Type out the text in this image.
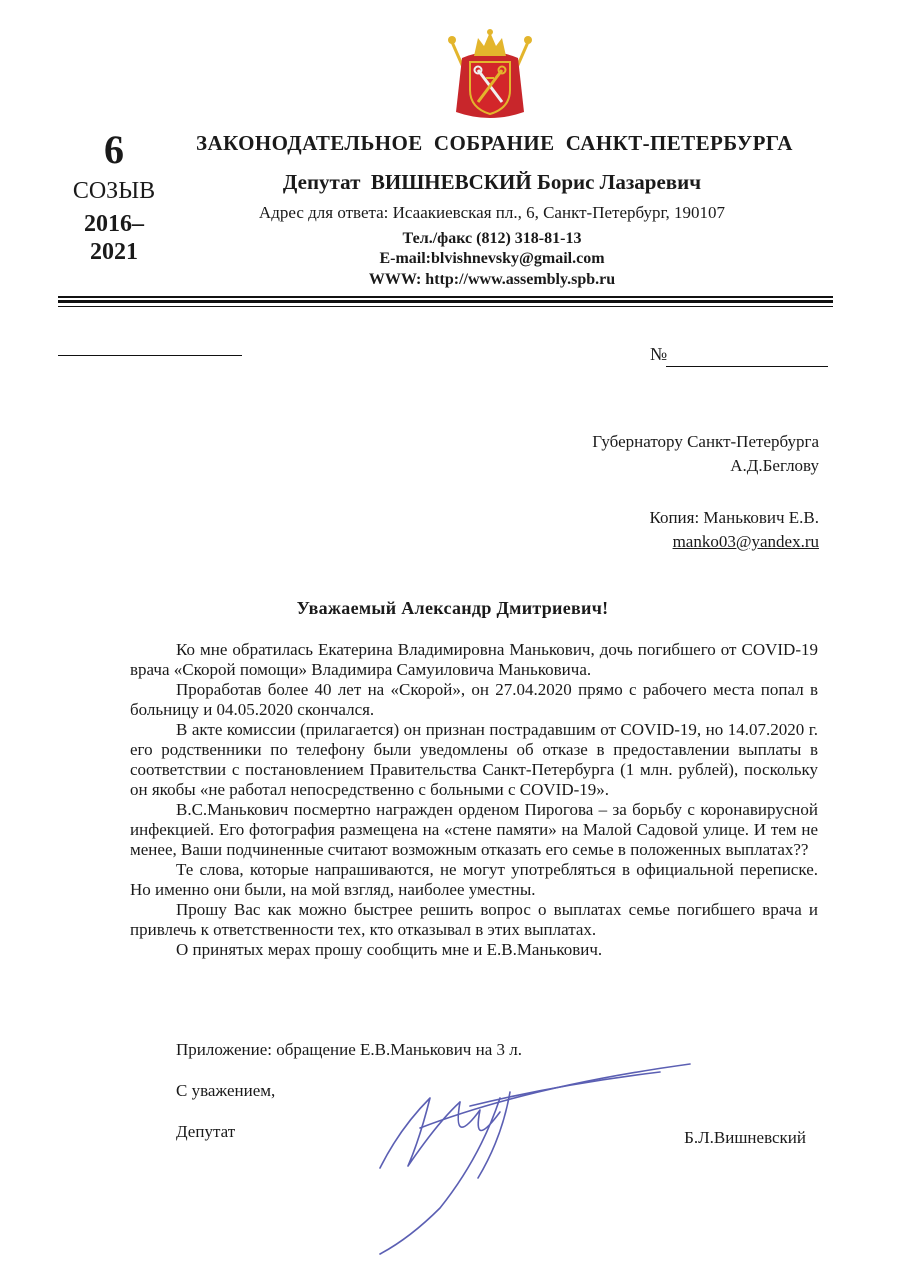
6
СОЗЫВ
2016–
2021
ЗАКОНОДАТЕЛЬНОЕ  СОБРАНИЕ  САНКТ-ПЕТЕРБУРГА
Депутат  ВИШНЕВСКИЙ Борис Лазаревич
Адрес для ответа: Исаакиевская пл., 6, Санкт-Петербург, 190107
Тел./факс (812) 318-81-13
E-mail:blvishnevsky@gmail.com
WWW: http://www.assembly.spb.ru
№
Губернатору Санкт-Петербурга
А.Д.Беглову
Копия: Манькович Е.В.
manko03@yandex.ru
Уважаемый Александр Дмитриевич!

Ко мне обратилась Екатерина Владимировна Манькович, дочь погибшего от COVID-19 врача «Скорой помощи» Владимира Самуиловича Маньковича.

Проработав более 40 лет на «Скорой», он 27.04.2020 прямо с рабочего места попал в больницу и 04.05.2020 скончался.

В акте комиссии (прилагается) он признан пострадавшим от COVID-19, но 14.07.2020 г. его родственники по телефону были уведомлены об отказе в предоставлении выплаты в соответствии с постановлением Правительства Санкт-Петербурга (1 млн. рублей), поскольку он якобы «не работал непосредственно с больными с COVID-19».

В.С.Манькович посмертно награжден орденом Пирогова – за борьбу с коронавирусной инфекцией. Его фотография размещена на «стене памяти» на Малой Садовой улице. И тем не менее, Ваши подчиненные считают возможным отказать его семье в положенных выплатах??

Те слова, которые напрашиваются, не могут употребляться в официальной переписке. Но именно они были, на мой взгляд, наиболее уместны.

Прошу Вас как можно быстрее решить вопрос о выплатах семье погибшего врача и привлечь к ответственности тех, кто отказывал в этих выплатах.

О принятых мерах прошу сообщить мне и Е.В.Манькович.

Приложение: обращение Е.В.Манькович на 3 л.
С уважением,
Депутат	Б.Л.Вишневский
